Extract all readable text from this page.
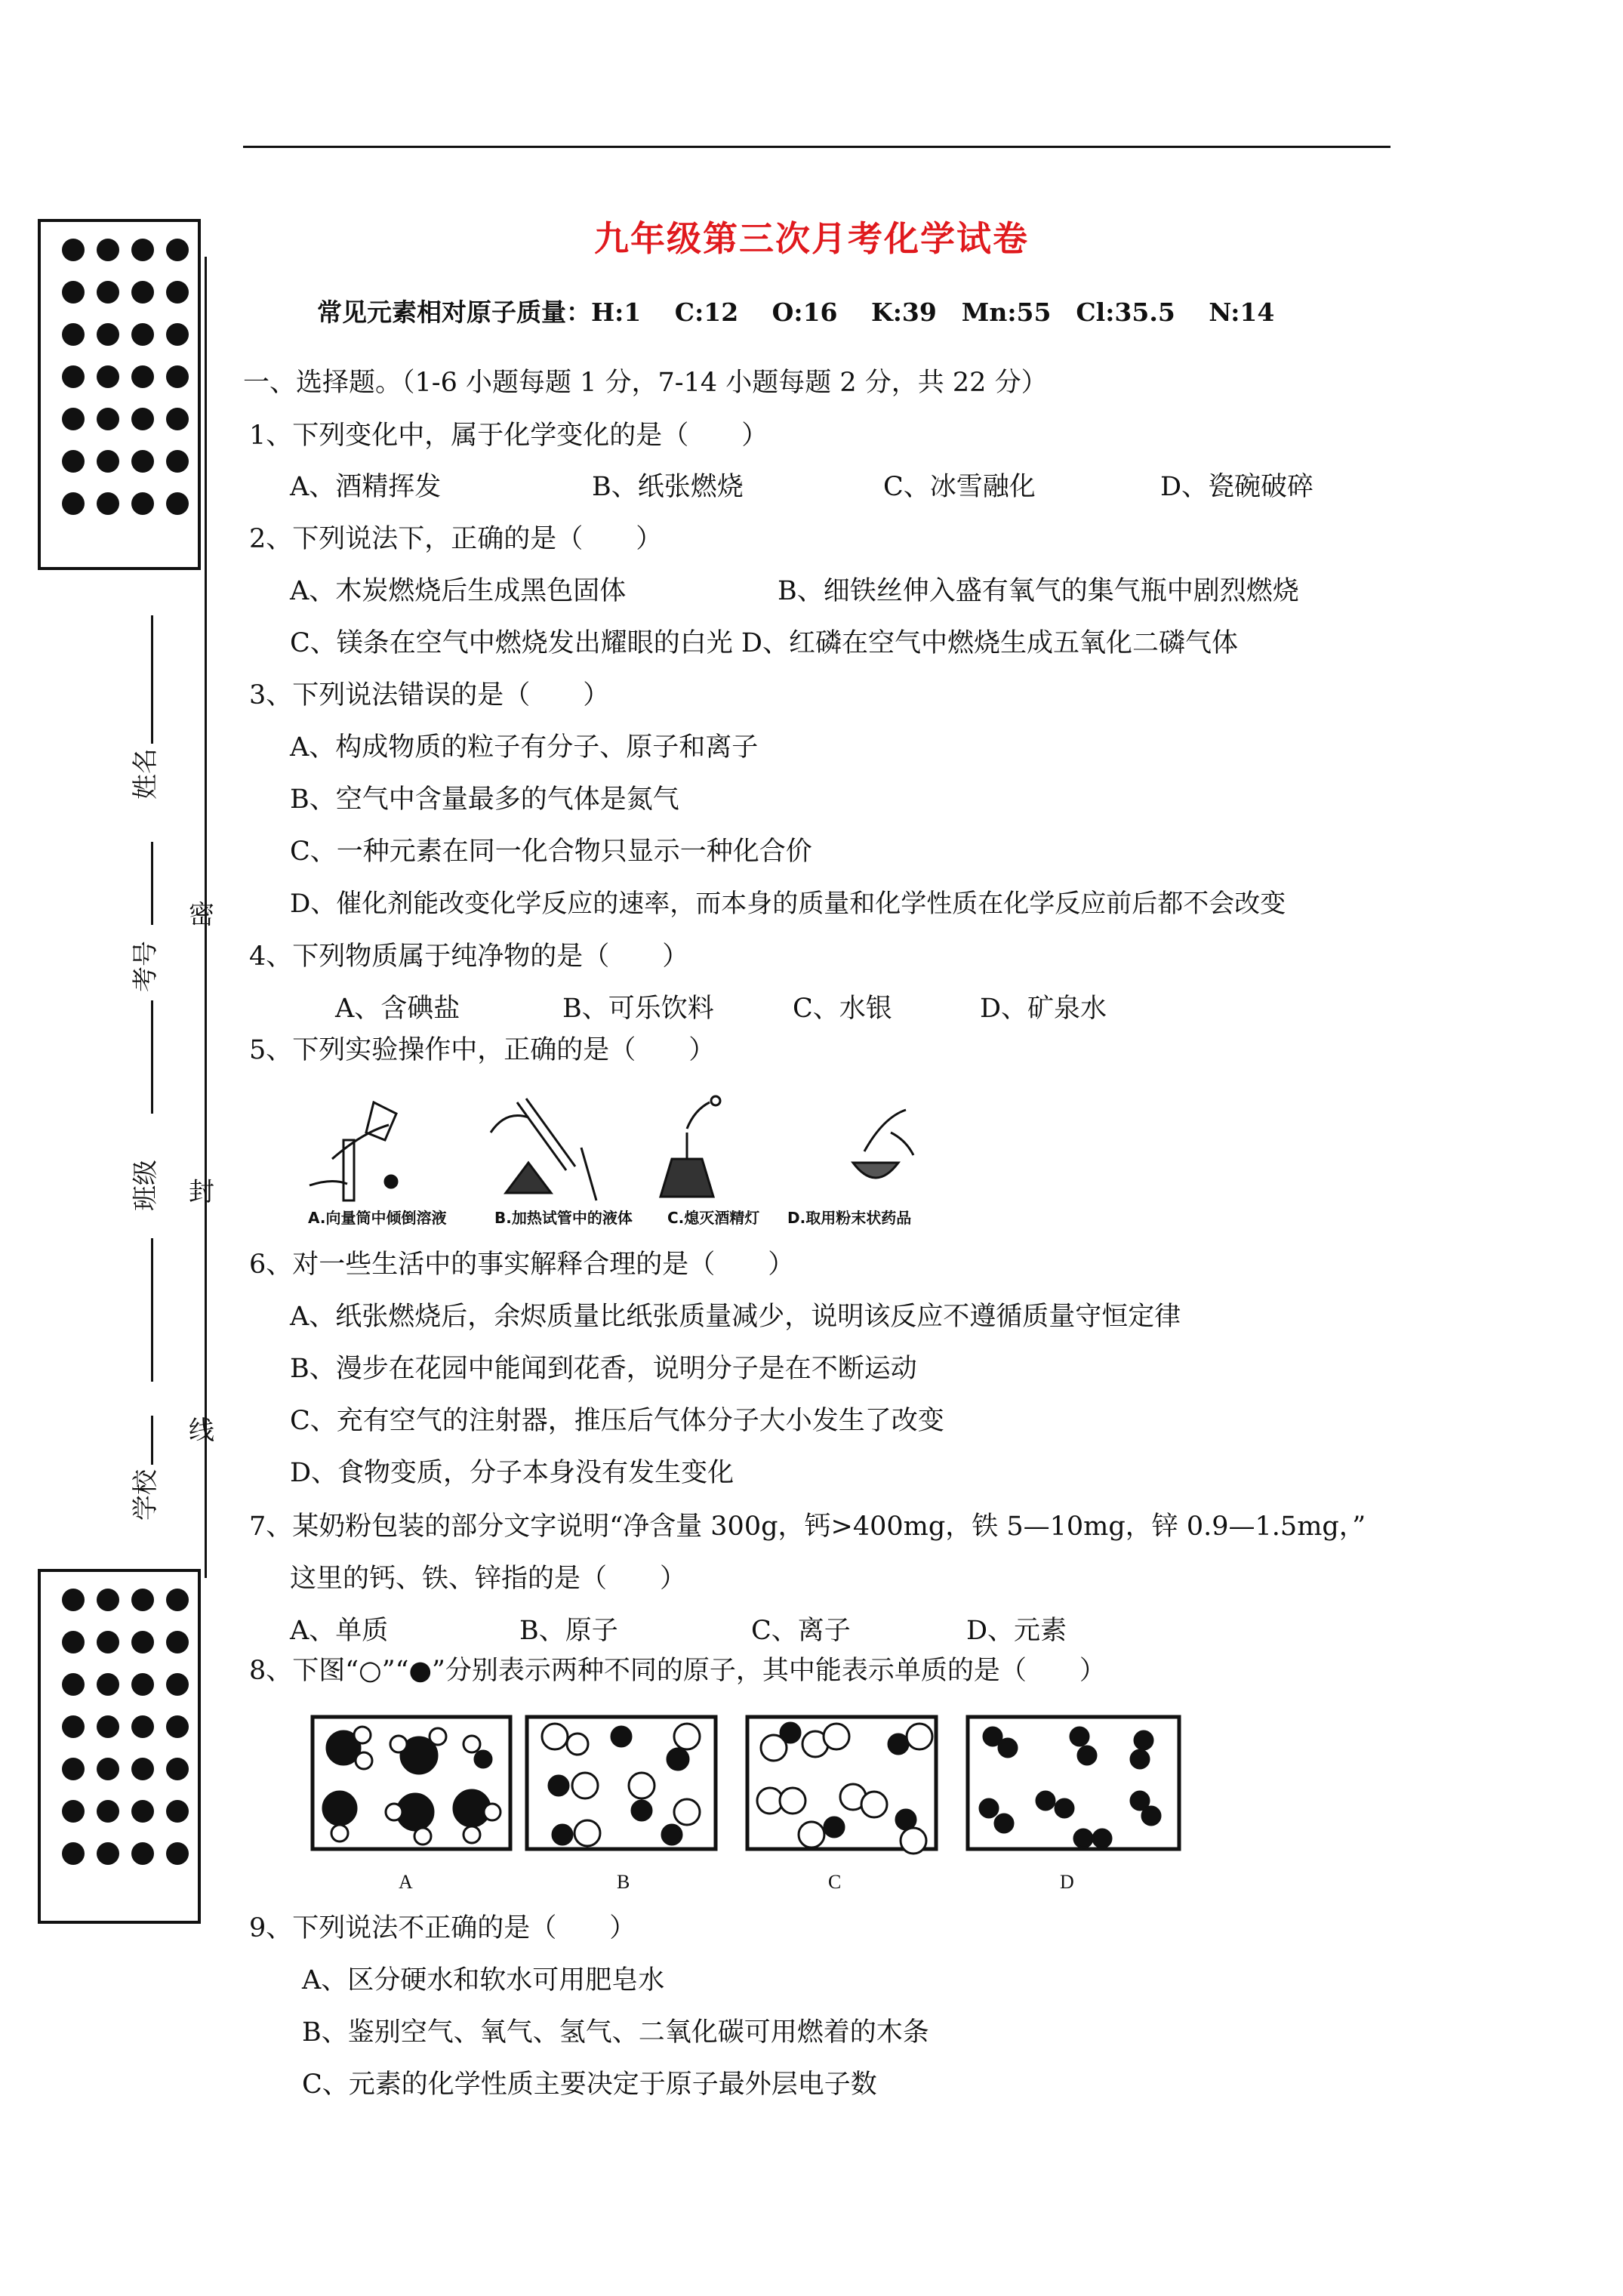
九年级第三次月考化学试卷
常见元素相对原子质量：H:1　 C:12　 O:16　 K:39　Mn:55　Cl:35.5　 N:14
姓名
考号
班级
学校
密
封
线
一、选择题。（1-6 小题每题 1 分，7-14 小题每题 2 分，共 22 分）
1、下列变化中，属于化学变化的是（　　）
A、酒精挥发	B、纸张燃烧	C、冰雪融化	D、瓷碗破碎
2、下列说法下，正确的是（　　）
A、木炭燃烧后生成黑色固体	B、细铁丝伸入盛有氧气的集气瓶中剧烈燃烧
C、镁条在空气中燃烧发出耀眼的白光 D、红磷在空气中燃烧生成五氧化二磷气体
3、下列说法错误的是（　　）
A、构成物质的粒子有分子、原子和离子
B、空气中含量最多的气体是氮气
C、一种元素在同一化合物只显示一种化合价
D、催化剂能改变化学反应的速率，而本身的质量和化学性质在化学反应前后都不会改变
4、下列物质属于纯净物的是（　　）
A、含碘盐	B、可乐饮料	C、水银	D、矿泉水
5、下列实验操作中，正确的是（　　）
A.向量筒中倾倒溶液	B.加热试管中的液体 C.熄灭酒精灯 D.取用粉末状药品
6、对一些生活中的事实解释合理的是（　　）
A、纸张燃烧后，余烬质量比纸张质量减少，说明该反应不遵循质量守恒定律
B、漫步在花园中能闻到花香，说明分子是在不断运动
C、充有空气的注射器，推压后气体分子大小发生了改变
D、食物变质，分子本身没有发生变化
7、某奶粉包装的部分文字说明“净含量 300g，钙>400mg，铁 5—10mg，锌 0.9—1.5mg，”
这里的钙、铁、锌指的是（　　）
A、单质	B、原子	C、离子	D、元素
8、下图“○”“●”分别表示两种不同的原子，其中能表示单质的是（　　）
A	B	C	D
9、下列说法不正确的是（　　）
A、区分硬水和软水可用肥皂水
B、鉴别空气、氧气、氢气、二氧化碳可用燃着的木条
C、元素的化学性质主要决定于原子最外层电子数
